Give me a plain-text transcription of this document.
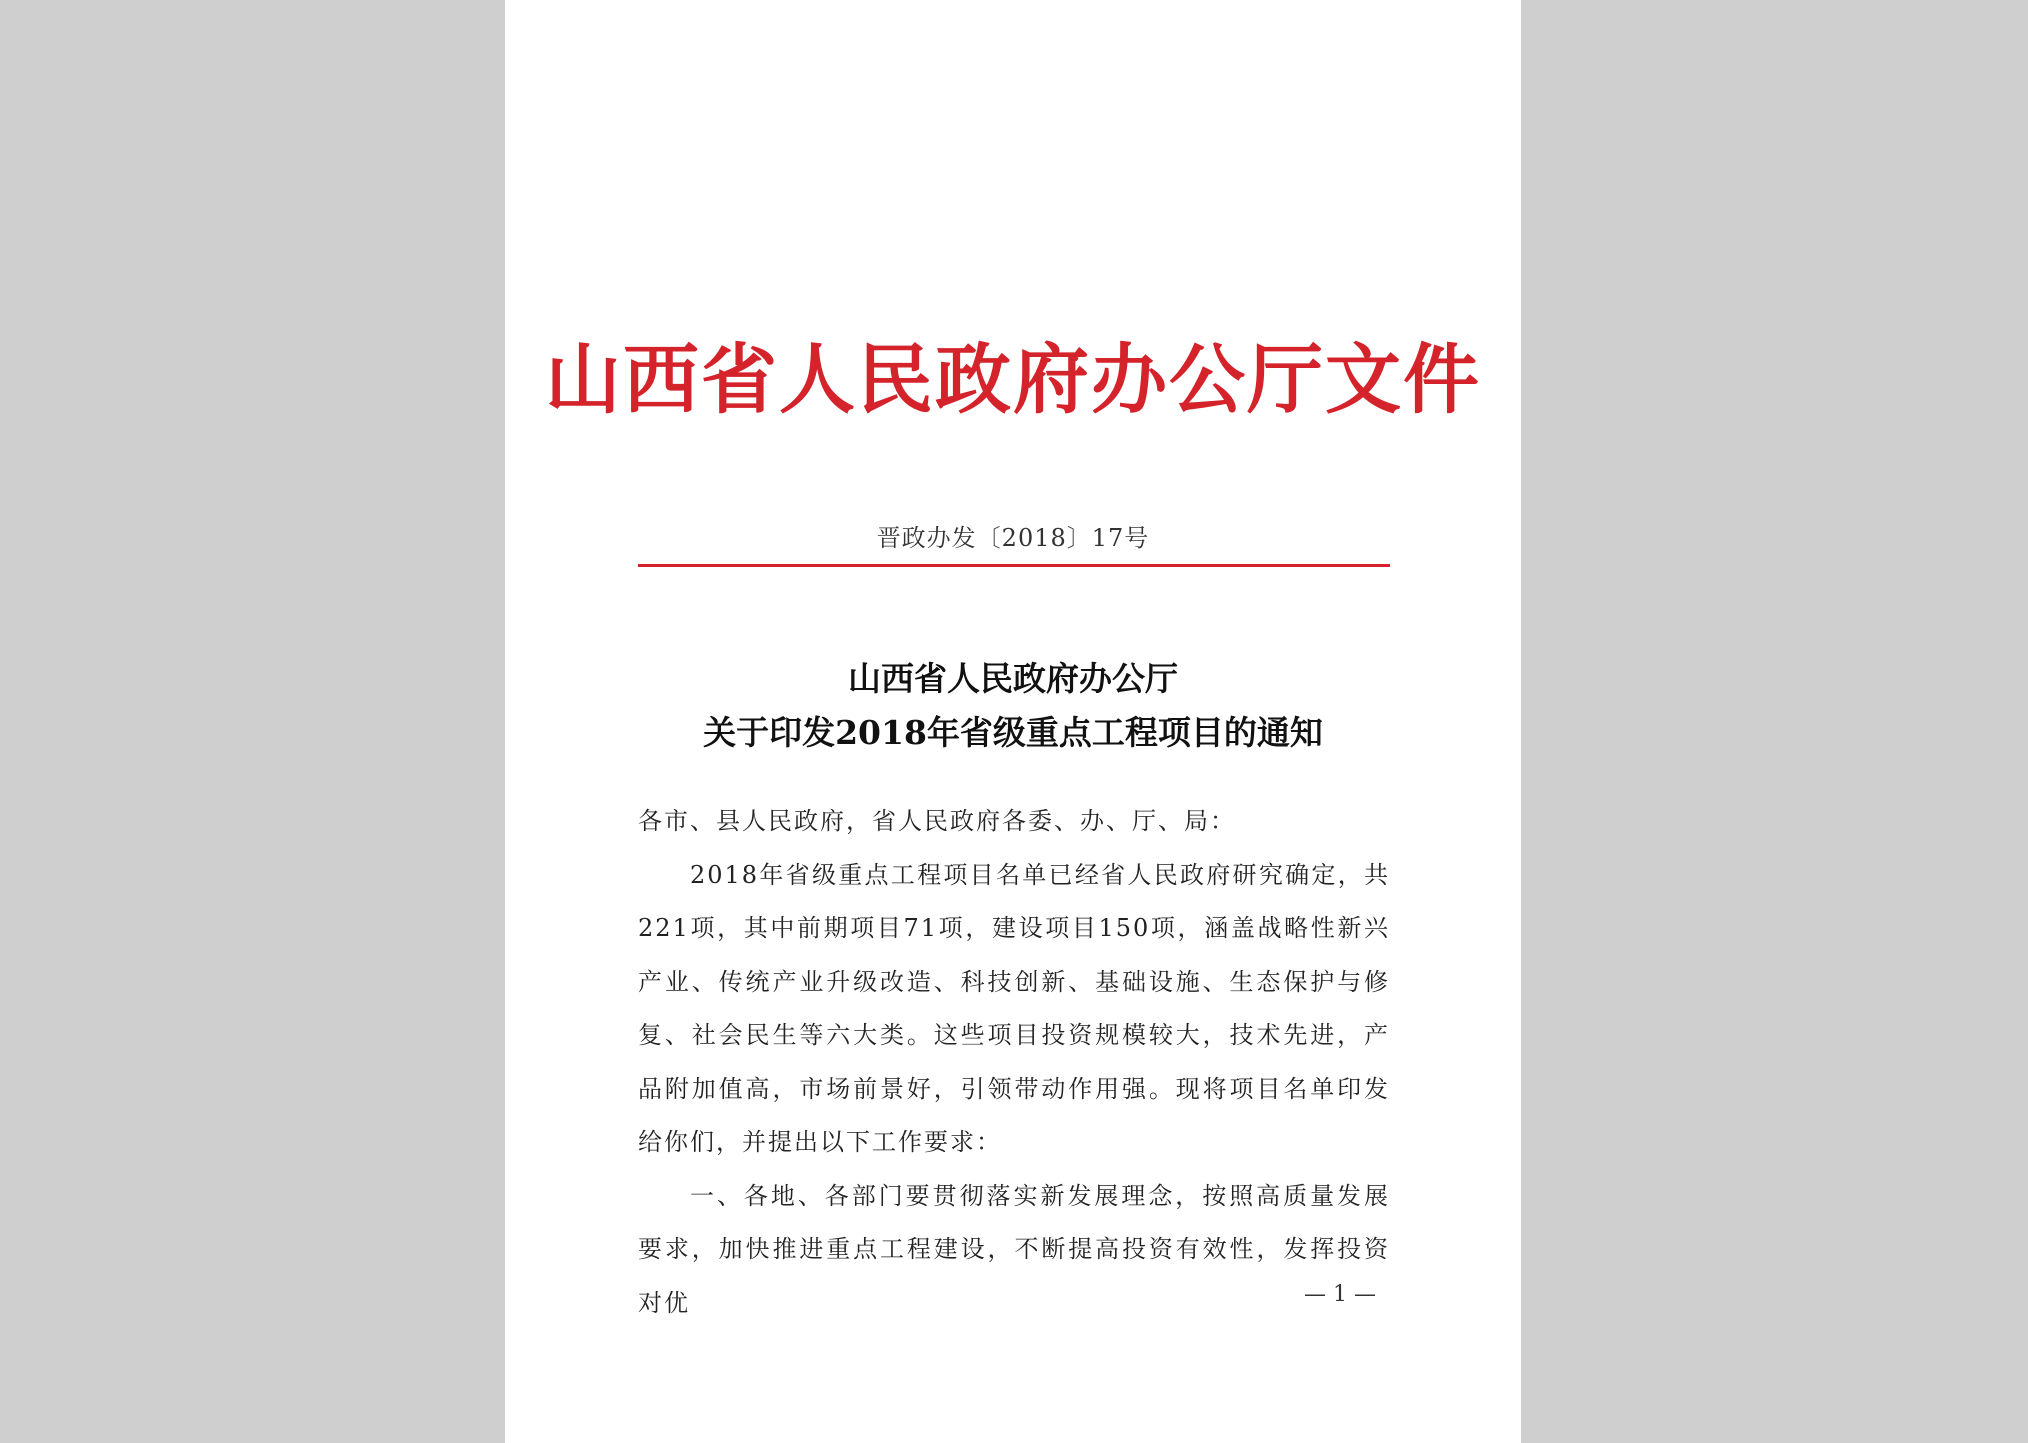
山西省人民政府办公厅文件
晋政办发〔2018〕17号
山西省人民政府办公厅
关于印发2018年省级重点工程项目的通知
各市、县人民政府，省人民政府各委、办、厅、局：
2018年省级重点工程项目名单已经省人民政府研究确定，共221项，其中前期项目71项，建设项目150项，涵盖战略性新兴产业、传统产业升级改造、科技创新、基础设施、生态保护与修复、社会民生等六大类。这些项目投资规模较大，技术先进，产品附加值高，市场前景好，引领带动作用强。现将项目名单印发给你们，并提出以下工作要求：
一、各地、各部门要贯彻落实新发展理念，按照高质量发展要求，加快推进重点工程建设，不断提高投资有效性，发挥投资对优	— 1 —
